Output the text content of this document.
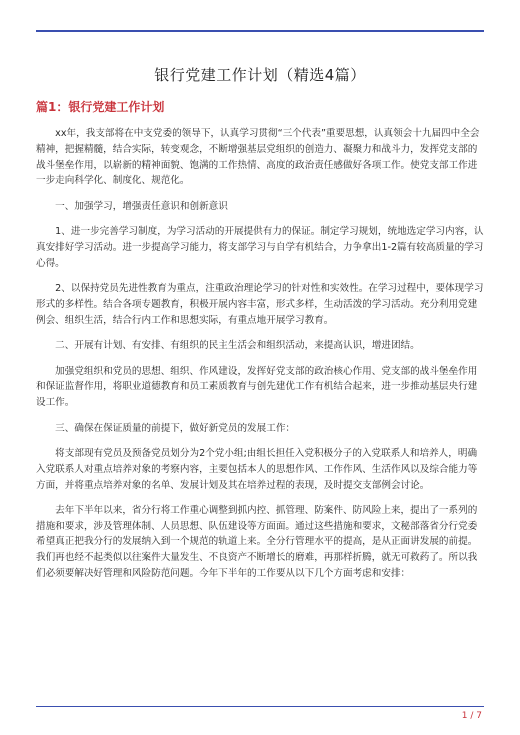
银行党建工作计划（精选4篇）
篇1：银行党建工作计划

　　xx年，我支部将在中支党委的领导下，认真学习贯彻“三个代表”重要思想，认真领会十九届四中全会精神，把握精髓，结合实际，转变观念，不断增强基层党组织的创造力、凝聚力和战斗力，发挥党支部的战斗堡垒作用，以崭新的精神面貌、饱满的工作热情、高度的政治责任感做好各项工作。使党支部工作进一步走向科学化、制度化、规范化。

　　一、加强学习，增强责任意识和创新意识

　　1、进一步完善学习制度，为学习活动的开展提供有力的保证。制定学习规划，统地选定学习内容，认真安排好学习活动。进一步提高学习能力，将支部学习与自学有机结合，力争拿出1-2篇有较高质量的学习心得。

　　2、以保持党员先进性教育为重点，注重政治理论学习的针对性和实效性。在学习过程中，要体现学习形式的多样性。结合各项专题教育，积极开展内容丰富，形式多样，生动活泼的学习活动。充分利用党建例会、组织生活，结合行内工作和思想实际，有重点地开展学习教育。

　　二、开展有计划、有安排、有组织的民主生活会和组织活动，来提高认识，增进团结。

　　加强党组织和党员的思想、组织、作风建设，发挥好党支部的政治核心作用、党支部的战斗堡垒作用和保证监督作用，将职业道德教育和员工素质教育与创先建优工作有机结合起来，进一步推动基层央行建设工作。

　　三、确保在保证质量的前提下，做好新党员的发展工作：

　　将支部现有党员及预备党员划分为2个党小组;由组长担任入党积极分子的入党联系人和培养人，明确入党联系人对重点培养对象的考察内容，主要包括本人的思想作风、工作作风、生活作风以及综合能力等方面，并将重点培养对象的名单、发展计划及其在培养过程的表现，及时提交支部例会讨论。

　　去年下半年以来，省分行将工作重心调整到抓内控、抓管理、防案件、防风险上来，提出了一系列的措施和要求，涉及管理体制、人员思想、队伍建设等方面面。通过这些措施和要求，文秘部落省分行党委希望真正把我分行的发展纳入到一个规范的轨道上来。全分行管理水平的提高，是从正面讲发展的前提。我们再也经不起类似以往案件大量发生、不良资产不断增长的磨难，再那样折腾，就无可救药了。所以我们必须要解决好管理和风险防范问题。今年下半年的工作要从以下几个方面考虑和安排：

1 / 7
